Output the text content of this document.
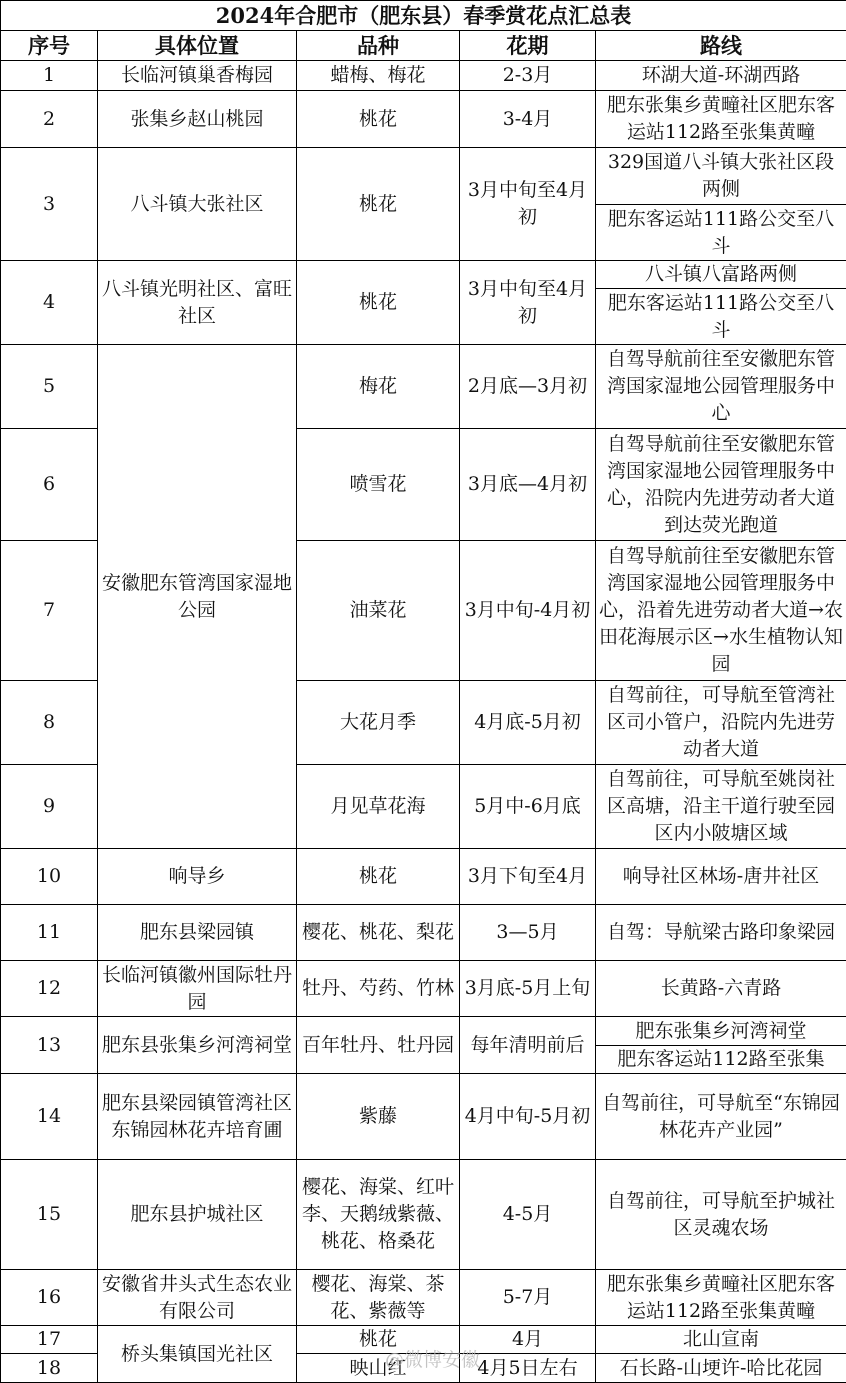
2024年合肥市（肥东县）春季赏花点汇总表				
序号	具体位置	品种	花期	路线
1	长临河镇巢香梅园	蜡梅、梅花	2-3月	环湖大道-环湖西路
2	张集乡赵山桃园	桃花	3-4月	肥东张集乡黄疃社区肥东客运站112路至张集黄疃
3	八斗镇大张社区	桃花	3月中旬至4月初	329国道八斗镇大张社区段两侧
肥东客运站111路公交至八斗

4	八斗镇光明社区、富旺社区	桃花	3月中旬至4月初	八斗镇八富路两侧
肥东客运站111路公交至八斗

5	安徽肥东管湾国家湿地公园	梅花	2月底—3月初	自驾导航前往至安徽肥东管湾国家湿地公园管理服务中心
6		喷雪花	3月底—4月初	自驾导航前往至安徽肥东管湾国家湿地公园管理服务中心，沿院内先进劳动者大道到达荧光跑道
7		油菜花	3月中旬-4月初	自驾导航前往至安徽肥东管湾国家湿地公园管理服务中心，沿着先进劳动者大道→农田花海展示区→水生植物认知园
8		大花月季	4月底-5月初	自驾前往，可导航至管湾社区司小管户，沿院内先进劳动者大道
9		月见草花海	5月中-6月底	自驾前往，可导航至姚岗社区高塘，沿主干道行驶至园区内小陂塘区域
10	响导乡	桃花	3月下旬至4月	响导社区林场-唐井社区
11	肥东县梁园镇	樱花、桃花、梨花	3—5月	自驾：导航梁古路印象梁园
12	长临河镇徽州国际牡丹园	牡丹、芍药、竹林	3月底-5月上旬	长黄路-六青路
13	肥东县张集乡河湾祠堂	百年牡丹、牡丹园	每年清明前后	肥东张集乡河湾祠堂
肥东客运站112路至张集

14	肥东县梁园镇管湾社区东锦园林花卉培育圃	紫藤	4月中旬-5月初	自驾前往，可导航至“东锦园林花卉产业园”
15	肥东县护城社区	樱花、海棠、红叶李、天鹅绒紫薇、桃花、格桑花	4-5月	自驾前往，可导航至护城社区灵魂农场
16	安徽省井头式生态农业有限公司	樱花、海棠、茶花、紫薇等	5-7月	肥东张集乡黄疃社区肥东客运站112路至张集黄疃
17	桥头集镇国光社区	桃花	4月	北山宣南
18		映山红	4月5日左右	石长路-山埂许-哈比花园
@微博安徽
